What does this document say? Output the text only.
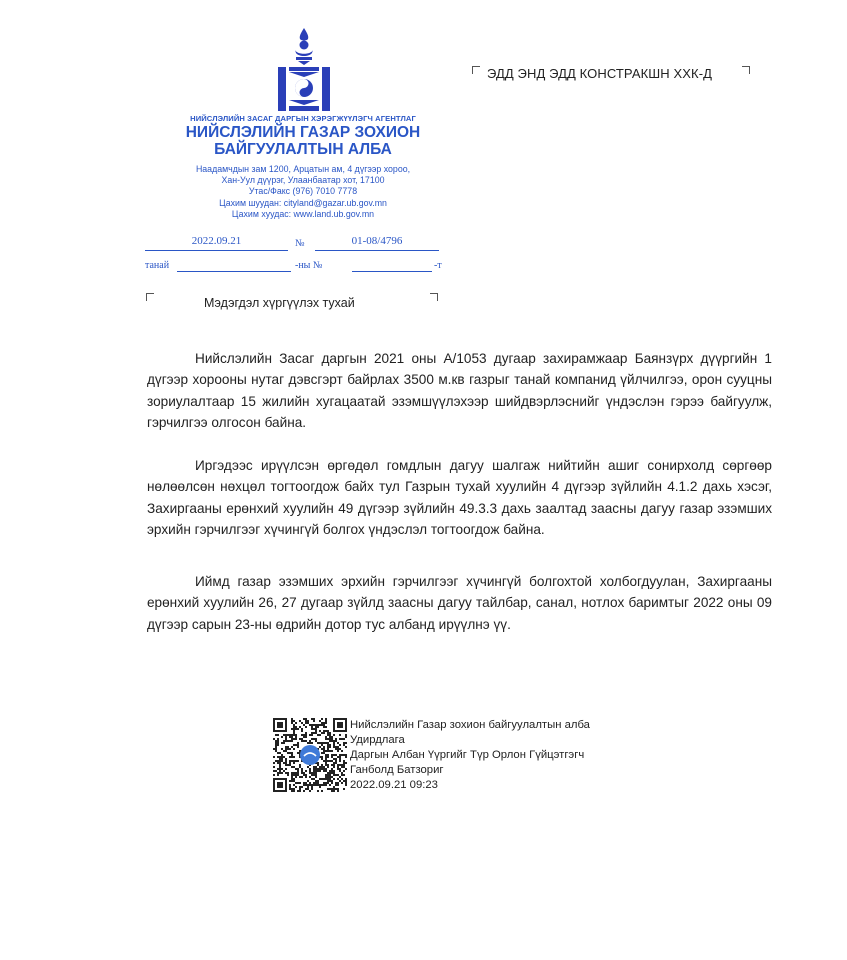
НИЙСЛЭЛИЙН ЗАСАГ ДАРГЫН ХЭРЭГЖҮҮЛЭГЧ АГЕНТЛАГ
НИЙСЛЭЛИЙН ГАЗАР ЗОХИОН
БАЙГУУЛАЛТЫН АЛБА
Наадамчдын зам 1200, Арцатын ам, 4 дүгээр хороо,
Хан-Уул дүүрэг, Улаанбаатар хот, 17100
Утас/Факс (976) 7010 7778
Цахим шуудан: cityland@gazar.ub.gov.mn
Цахим хуудас: www.land.ub.gov.mn
2022.09.21	№	01-08/4796
танай	-ны №	-т
ЭДД ЭНД ЭДД КОНСТРАКШН ХХК-Д
Мэдэгдэл хүргүүлэх тухай

Нийслэлийн Засаг даргын 2021 оны А/1053 дугаар захирамжаар Баянзүрх дүүргийн 1 дүгээр хорооны нутаг дэвсгэрт байрлах 3500 м.кв газрыг танай компанид үйлчилгээ, орон сууцны зориулалтаар 15 жилийн хугацаатай эзэмшүүлэхээр шийдвэрлэснийг үндэслэн гэрээ байгуулж, гэрчилгээ олгосон байна.

Иргэдээс ирүүлсэн өргөдөл гомдлын дагуу шалгаж нийтийн ашиг сонирхолд сөргөөр нөлөөлсөн нөхцөл тогтоогдож байх тул Газрын тухай хуулийн 4 дүгээр зүйлийн 4.1.2 дахь хэсэг, Захиргааны ерөнхий хуулийн 49 дүгээр зүйлийн 49.3.3 дахь заалтад заасны дагуу газар эзэмших эрхийн гэрчилгээг хүчингүй болгох үндэслэл тогтоогдож байна.

Иймд газар эзэмших эрхийн гэрчилгээг хүчингүй болгохтой холбогдуулан, Захиргааны ерөнхий хуулийн 26, 27 дугаар зүйлд заасны дагуу тайлбар, санал, нотлох баримтыг 2022 оны 09 дүгээр сарын 23-ны өдрийн дотор тус албанд ирүүлнэ үү.

Нийслэлийн Газар зохион байгуулалтын алба
Удирдлага
Даргын Албан Үүргийг Түр Орлон Гүйцэтгэгч
Ганболд Батзориг
2022.09.21 09:23
